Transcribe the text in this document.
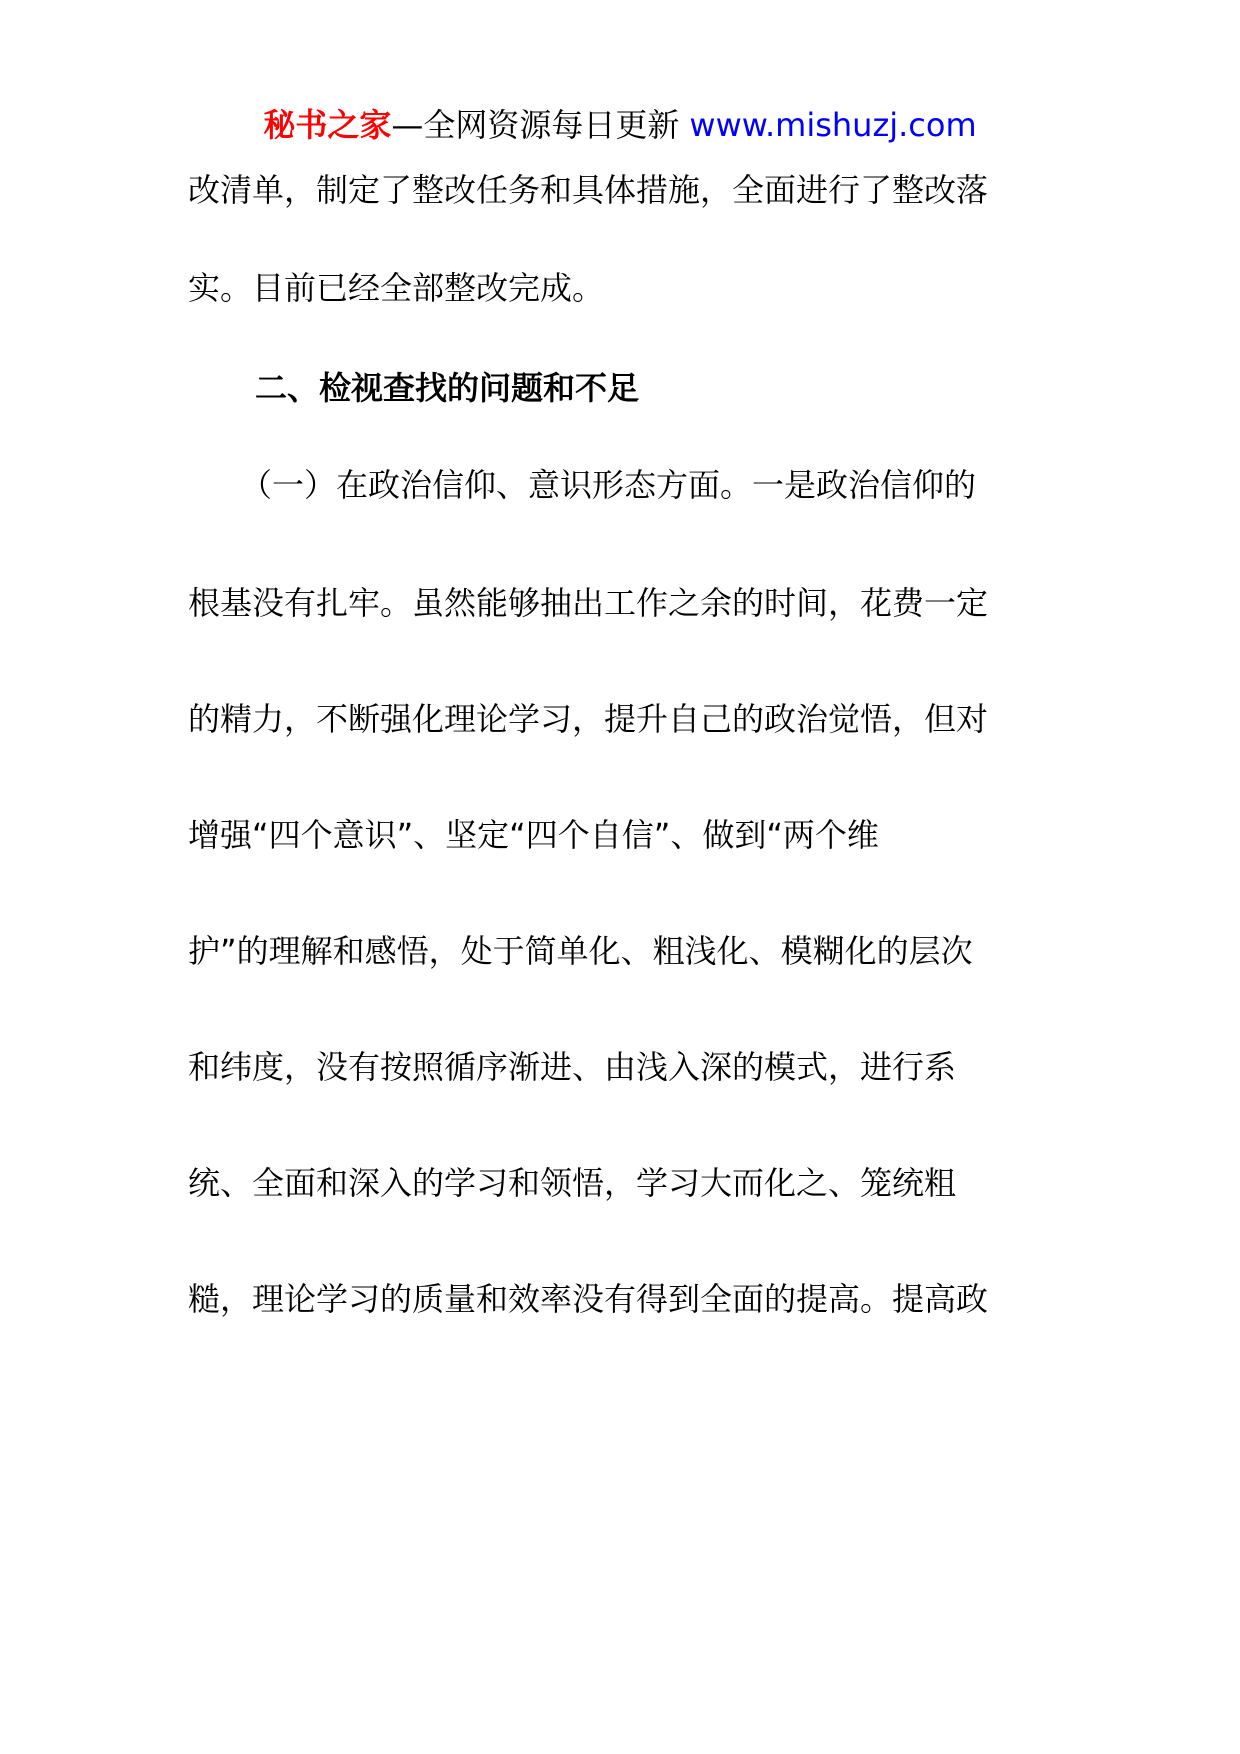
秘书之家—全网资源每日更新 www.mishuzj.com
改清单，制定了整改任务和具体措施，全面进行了整改落
实。目前已经全部整改完成。
二、检视查找的问题和不足
（一）在政治信仰、意识形态方面。一是政治信仰的
根基没有扎牢。虽然能够抽出工作之余的时间，花费一定
的精力，不断强化理论学习，提升自己的政治觉悟，但对
增强“四个意识”、坚定“四个自信”、做到“两个维
护”的理解和感悟，处于简单化、粗浅化、模糊化的层次
和纬度，没有按照循序渐进、由浅入深的模式，进行系
统、全面和深入的学习和领悟，学习大而化之、笼统粗
糙，理论学习的质量和效率没有得到全面的提高。提高政
